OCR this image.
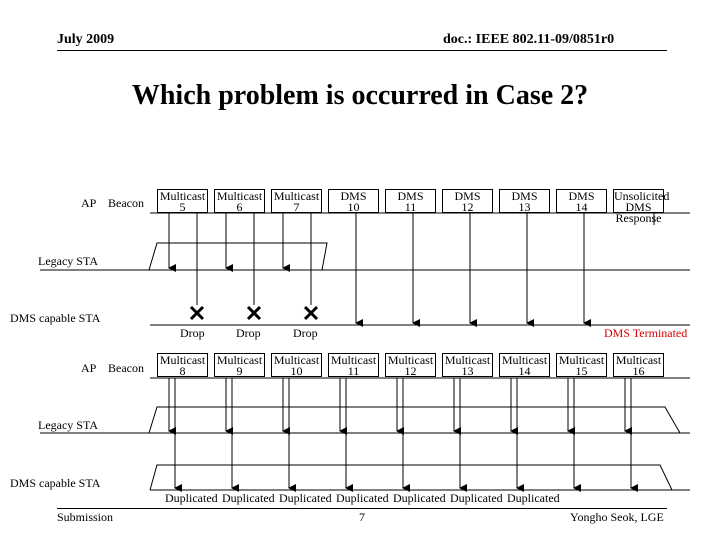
July 2009	doc.: IEEE 802.11-09/0851r0
Which problem is occurred in Case 2?
AP Beacon
Legacy STA
DMS capable STA
AP Beacon
Legacy STA
DMS capable STA
Multicast
5
Multicast
6
Multicast
7
DMS
10
DMS
11
DMS
12
DMS
13
DMS
14
Unsolicited
DMS Response
Multicast
8
Multicast
9
Multicast
10
Multicast
11
Multicast
12
Multicast
13
Multicast
14
Multicast
15
Multicast
16
Drop	Drop	Drop	DMS Terminated
Duplicated Duplicated Duplicated Duplicated Duplicated Duplicated Duplicated
Submission	7	Yongho Seok, LGE
